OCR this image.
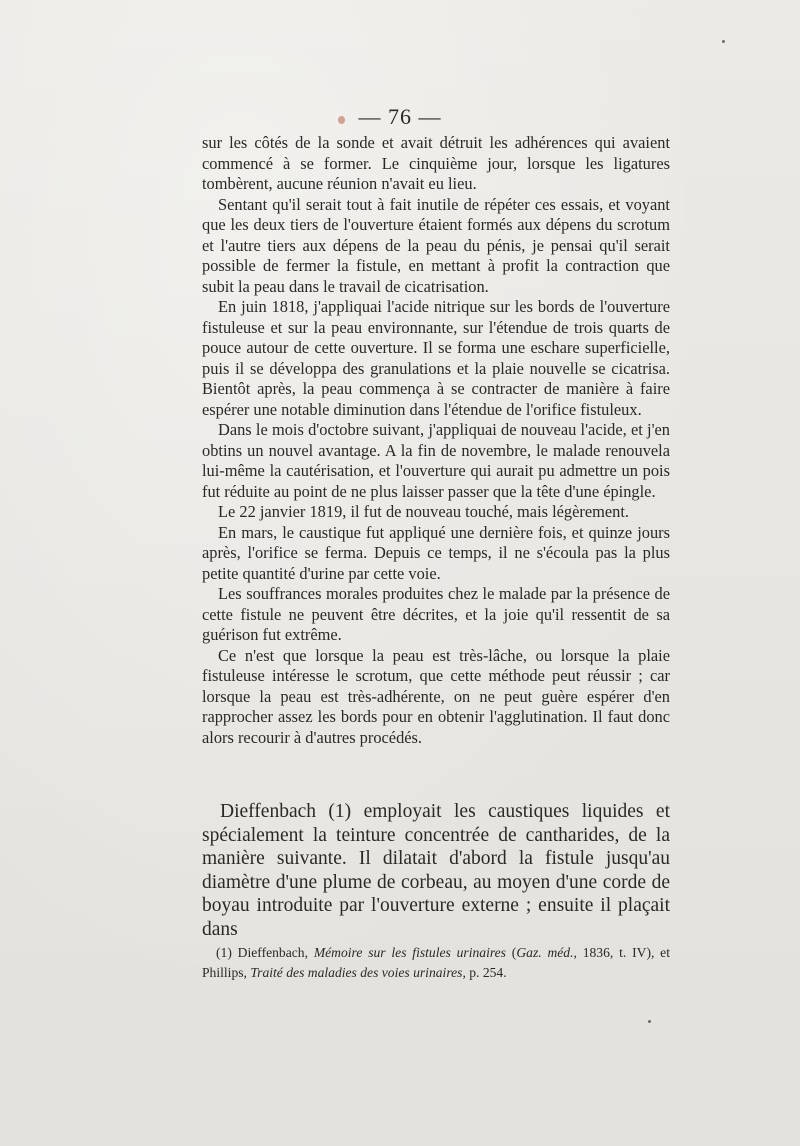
— 76 —

sur les côtés de la sonde et avait détruit les adhérences qui avaient commencé à se former. Le cinquième jour, lorsque les ligatures tombèrent, aucune réunion n'avait eu lieu.

Sentant qu'il serait tout à fait inutile de répéter ces essais, et voyant que les deux tiers de l'ouverture étaient formés aux dépens du scrotum et l'autre tiers aux dépens de la peau du pénis, je pensai qu'il serait possible de fermer la fistule, en mettant à profit la contraction que subit la peau dans le travail de cicatrisation.

En juin 1818, j'appliquai l'acide nitrique sur les bords de l'ouverture fistuleuse et sur la peau environnante, sur l'étendue de trois quarts de pouce autour de cette ouverture. Il se forma une eschare superficielle, puis il se développa des granulations et la plaie nouvelle se cicatrisa. Bientôt après, la peau commença à se contracter de manière à faire espérer une notable diminution dans l'étendue de l'orifice fistuleux.

Dans le mois d'octobre suivant, j'appliquai de nouveau l'acide, et j'en obtins un nouvel avantage. A la fin de novembre, le malade renouvela lui-même la cautérisation, et l'ouverture qui aurait pu admettre un pois fut réduite au point de ne plus laisser passer que la tête d'une épingle.

Le 22 janvier 1819, il fut de nouveau touché, mais légèrement.

En mars, le caustique fut appliqué une dernière fois, et quinze jours après, l'orifice se ferma. Depuis ce temps, il ne s'écoula pas la plus petite quantité d'urine par cette voie.

Les souffrances morales produites chez le malade par la présence de cette fistule ne peuvent être décrites, et la joie qu'il ressentit de sa guérison fut extrême.

Ce n'est que lorsque la peau est très-lâche, ou lorsque la plaie fistuleuse intéresse le scrotum, que cette méthode peut réussir ; car lorsque la peau est très-adhérente, on ne peut guère espérer d'en rapprocher assez les bords pour en obtenir l'agglutination. Il faut donc alors recourir à d'autres procédés.

Dieffenbach (1) employait les caustiques liquides et spécialement la teinture concentrée de cantharides, de la manière suivante. Il dilatait d'abord la fistule jusqu'au diamètre d'une plume de corbeau, au moyen d'une corde de boyau introduite par l'ouverture externe ; ensuite il plaçait dans

(1) Dieffenbach, Mémoire sur les fistules urinaires (Gaz. méd., 1836, t. IV), et Phillips, Traité des maladies des voies urinaires, p. 254.
